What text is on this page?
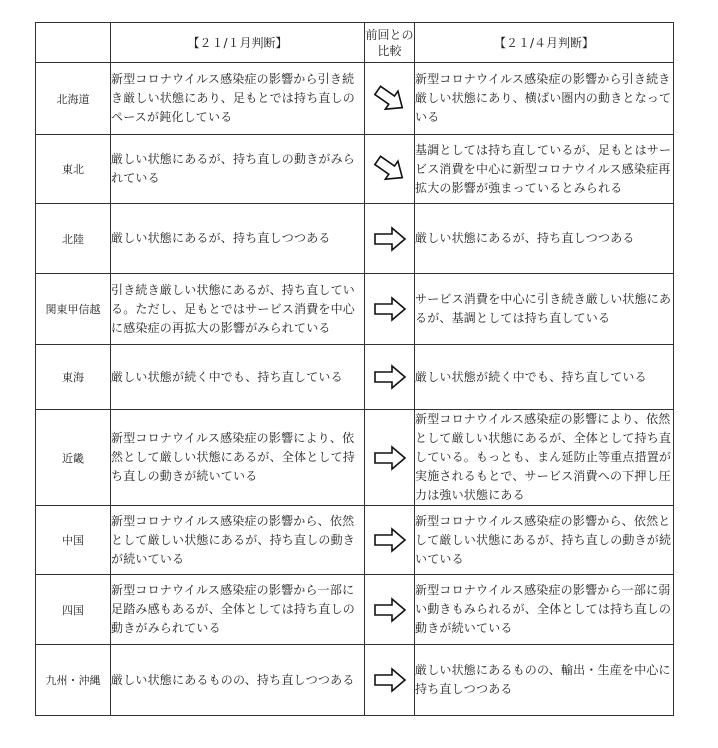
	【２１/１月判断】	前回との比較	【２１/４月判断】
北海道	新型コロナウイルス感染症の影響から引き続き厳しい状態にあり、足もとでは持ち直しのペースが鈍化している		新型コロナウイルス感染症の影響から引き続き厳しい状態にあり、横ばい圏内の動きとなっている
東北	厳しい状態にあるが、持ち直しの動きがみられている		基調としては持ち直しているが、足もとはサービス消費を中心に新型コロナウイルス感染症再拡大の影響が強まっているとみられる
北陸	厳しい状態にあるが、持ち直しつつある		厳しい状態にあるが、持ち直しつつある
関東甲信越	引き続き厳しい状態にあるが、持ち直している。ただし、足もとではサービス消費を中心に感染症の再拡大の影響がみられている		サービス消費を中心に引き続き厳しい状態にあるが、基調としては持ち直している
東海	厳しい状態が続く中でも、持ち直している		厳しい状態が続く中でも、持ち直している
近畿	新型コロナウイルス感染症の影響により、依然として厳しい状態にあるが、全体として持ち直しの動きが続いている		新型コロナウイルス感染症の影響により、依然として厳しい状態にあるが、全体として持ち直している。もっとも、まん延防止等重点措置が実施されるもとで、サービス消費への下押し圧力は強い状態にある
中国	新型コロナウイルス感染症の影響から、依然として厳しい状態にあるが、持ち直しの動きが続いている		新型コロナウイルス感染症の影響から、依然として厳しい状態にあるが、持ち直しの動きが続いている
四国	新型コロナウイルス感染症の影響から一部に足踏み感もあるが、全体としては持ち直しの動きがみられている		新型コロナウイルス感染症の影響から一部に弱い動きもみられるが、全体としては持ち直しの動きが続いている
九州・沖縄	厳しい状態にあるものの、持ち直しつつある		厳しい状態にあるものの、輸出・生産を中心に持ち直しつつある
